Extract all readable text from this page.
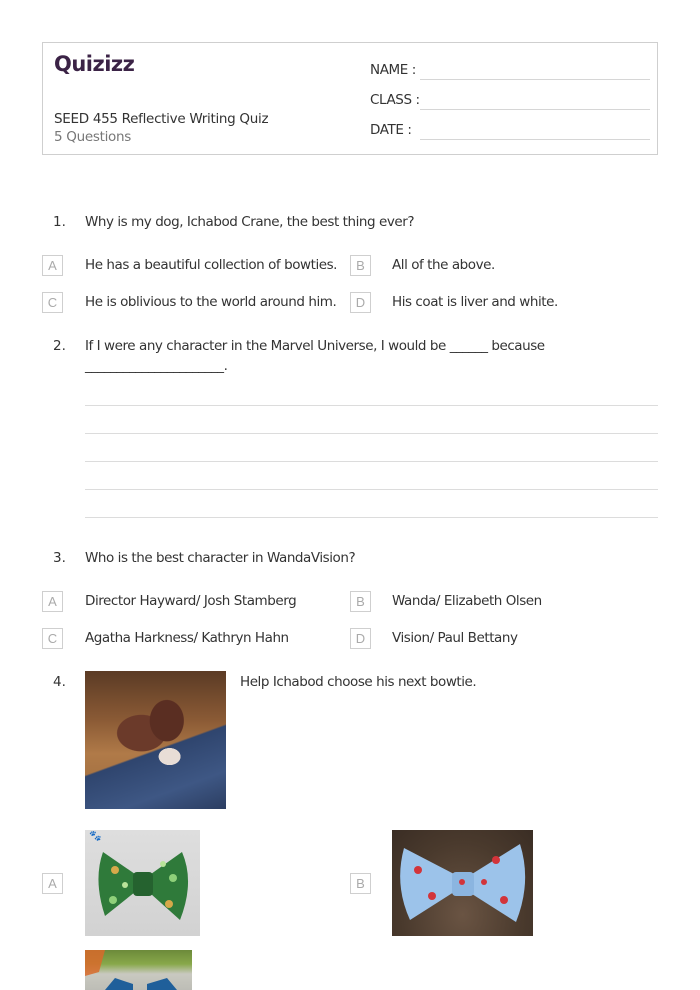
Quizizz
SEED 455 Reflective Writing Quiz
5 Questions
NAME :
CLASS :
DATE :
1. Why is my dog, Ichabod Crane, the best thing ever?
A	He has a beautiful collection of bowties.	B	All of the above.
C	He is oblivious to the world around him.	D	His coat is liver and white.
2. If I were any character in the Marvel Universe, I would be ______ because
______________________.
3. Who is the best character in WandaVision?
A	Director Hayward/ Josh Stamberg	B	Wanda/ Elizabeth Olsen
C	Agatha Harkness/ Kathryn Hahn	D	Vision/ Paul Bettany
4.	Help Ichabod choose his next bowtie.
A
🐾
B
